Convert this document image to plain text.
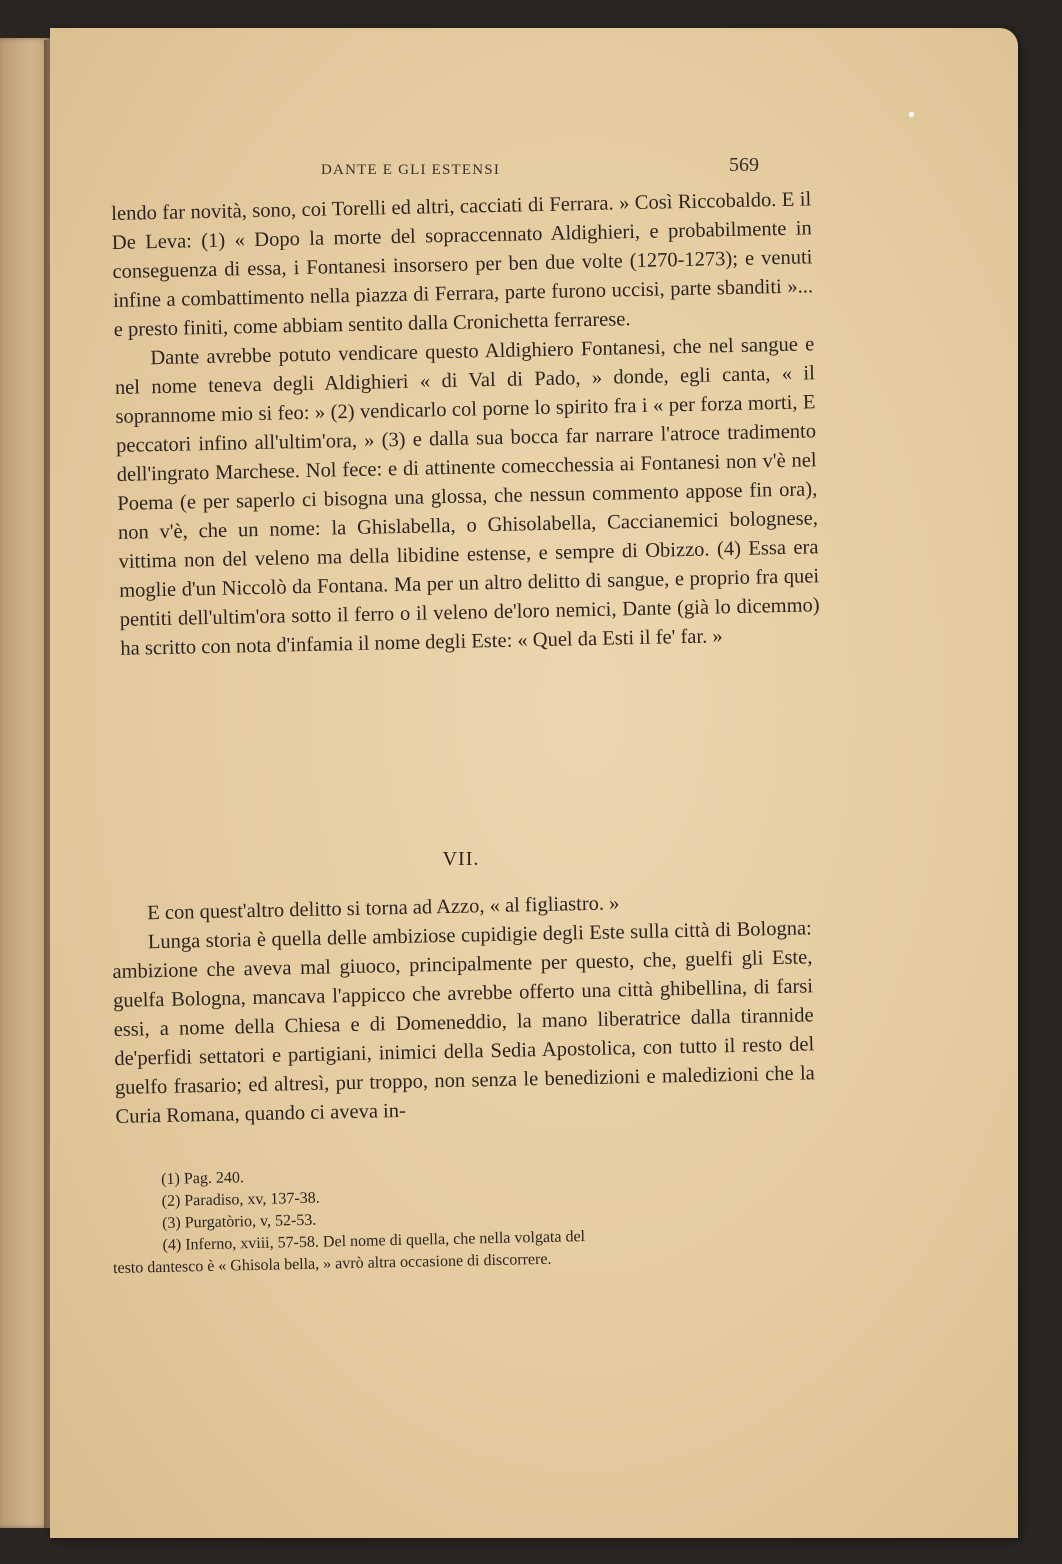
DANTE E GLI ESTENSI	569

lendo far novità, sono, coi Torelli ed altri, cacciati di Ferrara. » Così Riccobaldo. E il De Leva: (1) « Dopo la morte del sopraccennato Aldighieri, e probabilmente in conseguenza di essa, i Fontanesi insorsero per ben due volte (1270-1273); e venuti infine a combattimento nella piazza di Ferrara, parte furono uccisi, parte sbanditi »... e presto finiti, come abbiam sentito dalla Cronichetta ferrarese.

Dante avrebbe potuto vendicare questo Aldighiero Fontanesi, che nel sangue e nel nome teneva degli Aldighieri « di Val di Pado, » donde, egli canta, « il soprannome mio si feo: » (2) vendicarlo col porne lo spirito fra i « per forza morti, E peccatori infino all'ultim'ora, » (3) e dalla sua bocca far narrare l'atroce tradimento dell'ingrato Marchese. Nol fece: e di attinente comecchessia ai Fontanesi non v'è nel Poema (e per saperlo ci bisogna una glossa, che nessun commento appose fin ora), non v'è, che un nome: la Ghislabella, o Ghisolabella, Caccianemici bolognese, vittima non del veleno ma della libidine estense, e sempre di Obizzo. (4) Essa era moglie d'un Niccolò da Fontana. Ma per un altro delitto di sangue, e proprio fra quei pentiti dell'ultim'ora sotto il ferro o il veleno de'loro nemici, Dante (già lo dicemmo) ha scritto con nota d'infamia il nome degli Este: « Quel da Esti il fe' far. »

VII.

E con quest'altro delitto si torna ad Azzo, « al figliastro. »

Lunga storia è quella delle ambiziose cupidigie degli Este sulla città di Bologna: ambizione che aveva mal giuoco, principalmente per questo, che, guelfi gli Este, guelfa Bologna, mancava l'appicco che avrebbe offerto una città ghibellina, di farsi essi, a nome della Chiesa e di Domeneddio, la mano liberatrice dalla tirannide de'perfidi settatori e partigiani, inimici della Sedia Apostolica, con tutto il resto del guelfo frasario; ed altresì, pur troppo, non senza le benedizioni e maledizioni che la Curia Romana, quando ci aveva in-

(1) Pag. 240.

(2) Paradiso, xv, 137-38.

(3) Purgatòrio, v, 52-53.

(4) Inferno, xviii, 57-58. Del nome di quella, che nella volgata del

testo dantesco è « Ghisola bella, » avrò altra occasione di discorrere.
